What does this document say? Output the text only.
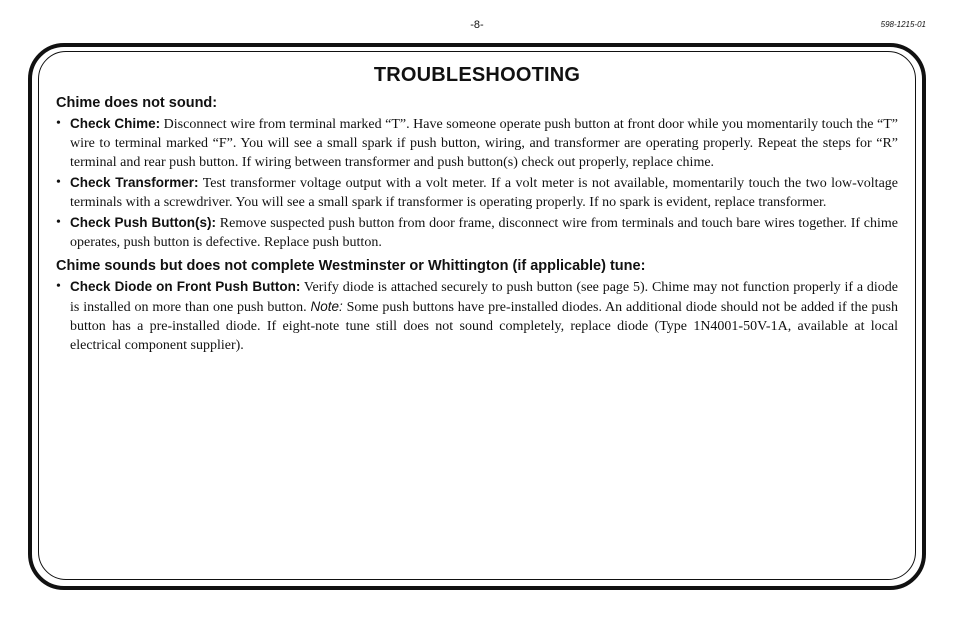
-8-	598-1215-01
TROUBLESHOOTING
Chime does not sound:
• Check Chime: Disconnect wire from terminal marked “T”. Have someone operate push button at front door while you momentarily touch the “T” wire to terminal marked “F”. You will see a small spark if push button, wiring, and transformer are operating properly. Repeat the steps for “R” terminal and rear push button. If wiring between transformer and push button(s) check out properly, replace chime.
• Check Transformer: Test transformer voltage output with a volt meter. If a volt meter is not available, momentarily touch the two low-voltage terminals with a screwdriver. You will see a small spark if transformer is operating properly. If no spark is evident, replace transformer.
• Check Push Button(s): Remove suspected push button from door frame, disconnect wire from terminals and touch bare wires together. If chime operates, push button is defective. Replace push button.
Chime sounds but does not complete Westminster or Whittington (if applicable) tune:
• Check Diode on Front Push Button: Verify diode is attached securely to push button (see page 5). Chime may not function properly if a diode is installed on more than one push button. Note: Some push buttons have pre-installed diodes. An additional diode should not be added if the push button has a pre-installed diode. If eight-note tune still does not sound completely, replace diode (Type 1N4001-50V-1A, available at local electrical component supplier).
